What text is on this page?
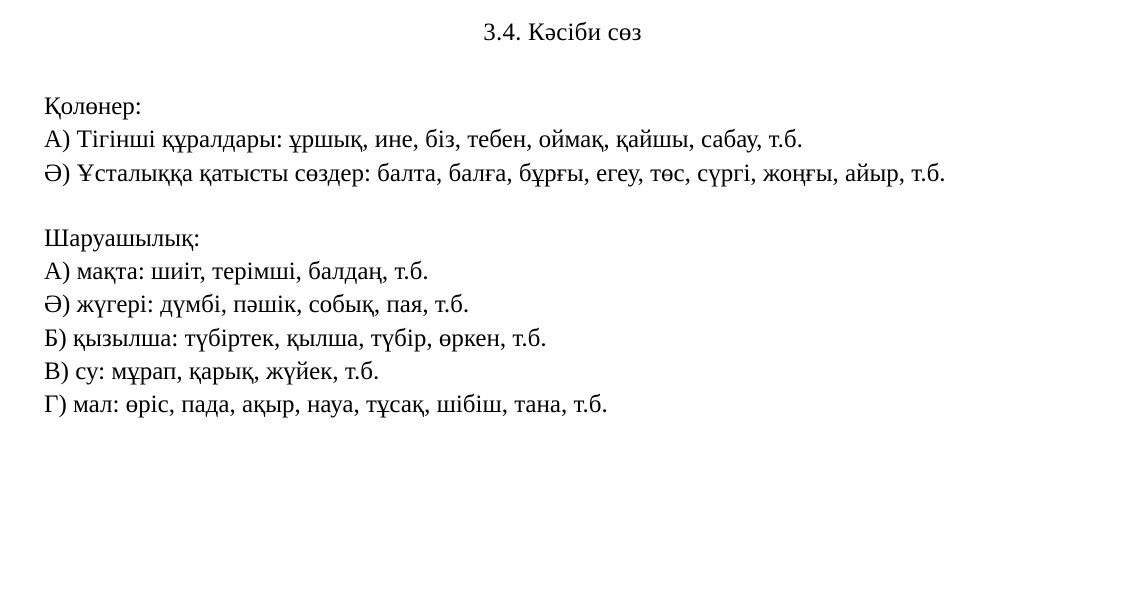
3.4. Кәсіби сөз

Қолөнер:

А) Тігінші құралдары: ұршық, ине, біз, тебен, оймақ, қайшы, сабау, т.б.

Ә) Ұсталыққа қатысты сөздер: балта, балға, бұрғы, егеу, төс, сүргі, жоңғы, айыр, т.б.

Шаруашылық:

А) мақта: шиіт, терімші, балдаң, т.б.

Ә) жүгері: дүмбі, пәшік, собық, пая, т.б.

Б) қызылша: түбіртек, қылша, түбір, өркен, т.б.

В) су: мұрап, қарық, жүйек, т.б.

Г) мал: өріс, пада, ақыр, науа, тұсақ, шібіш, тана, т.б.
